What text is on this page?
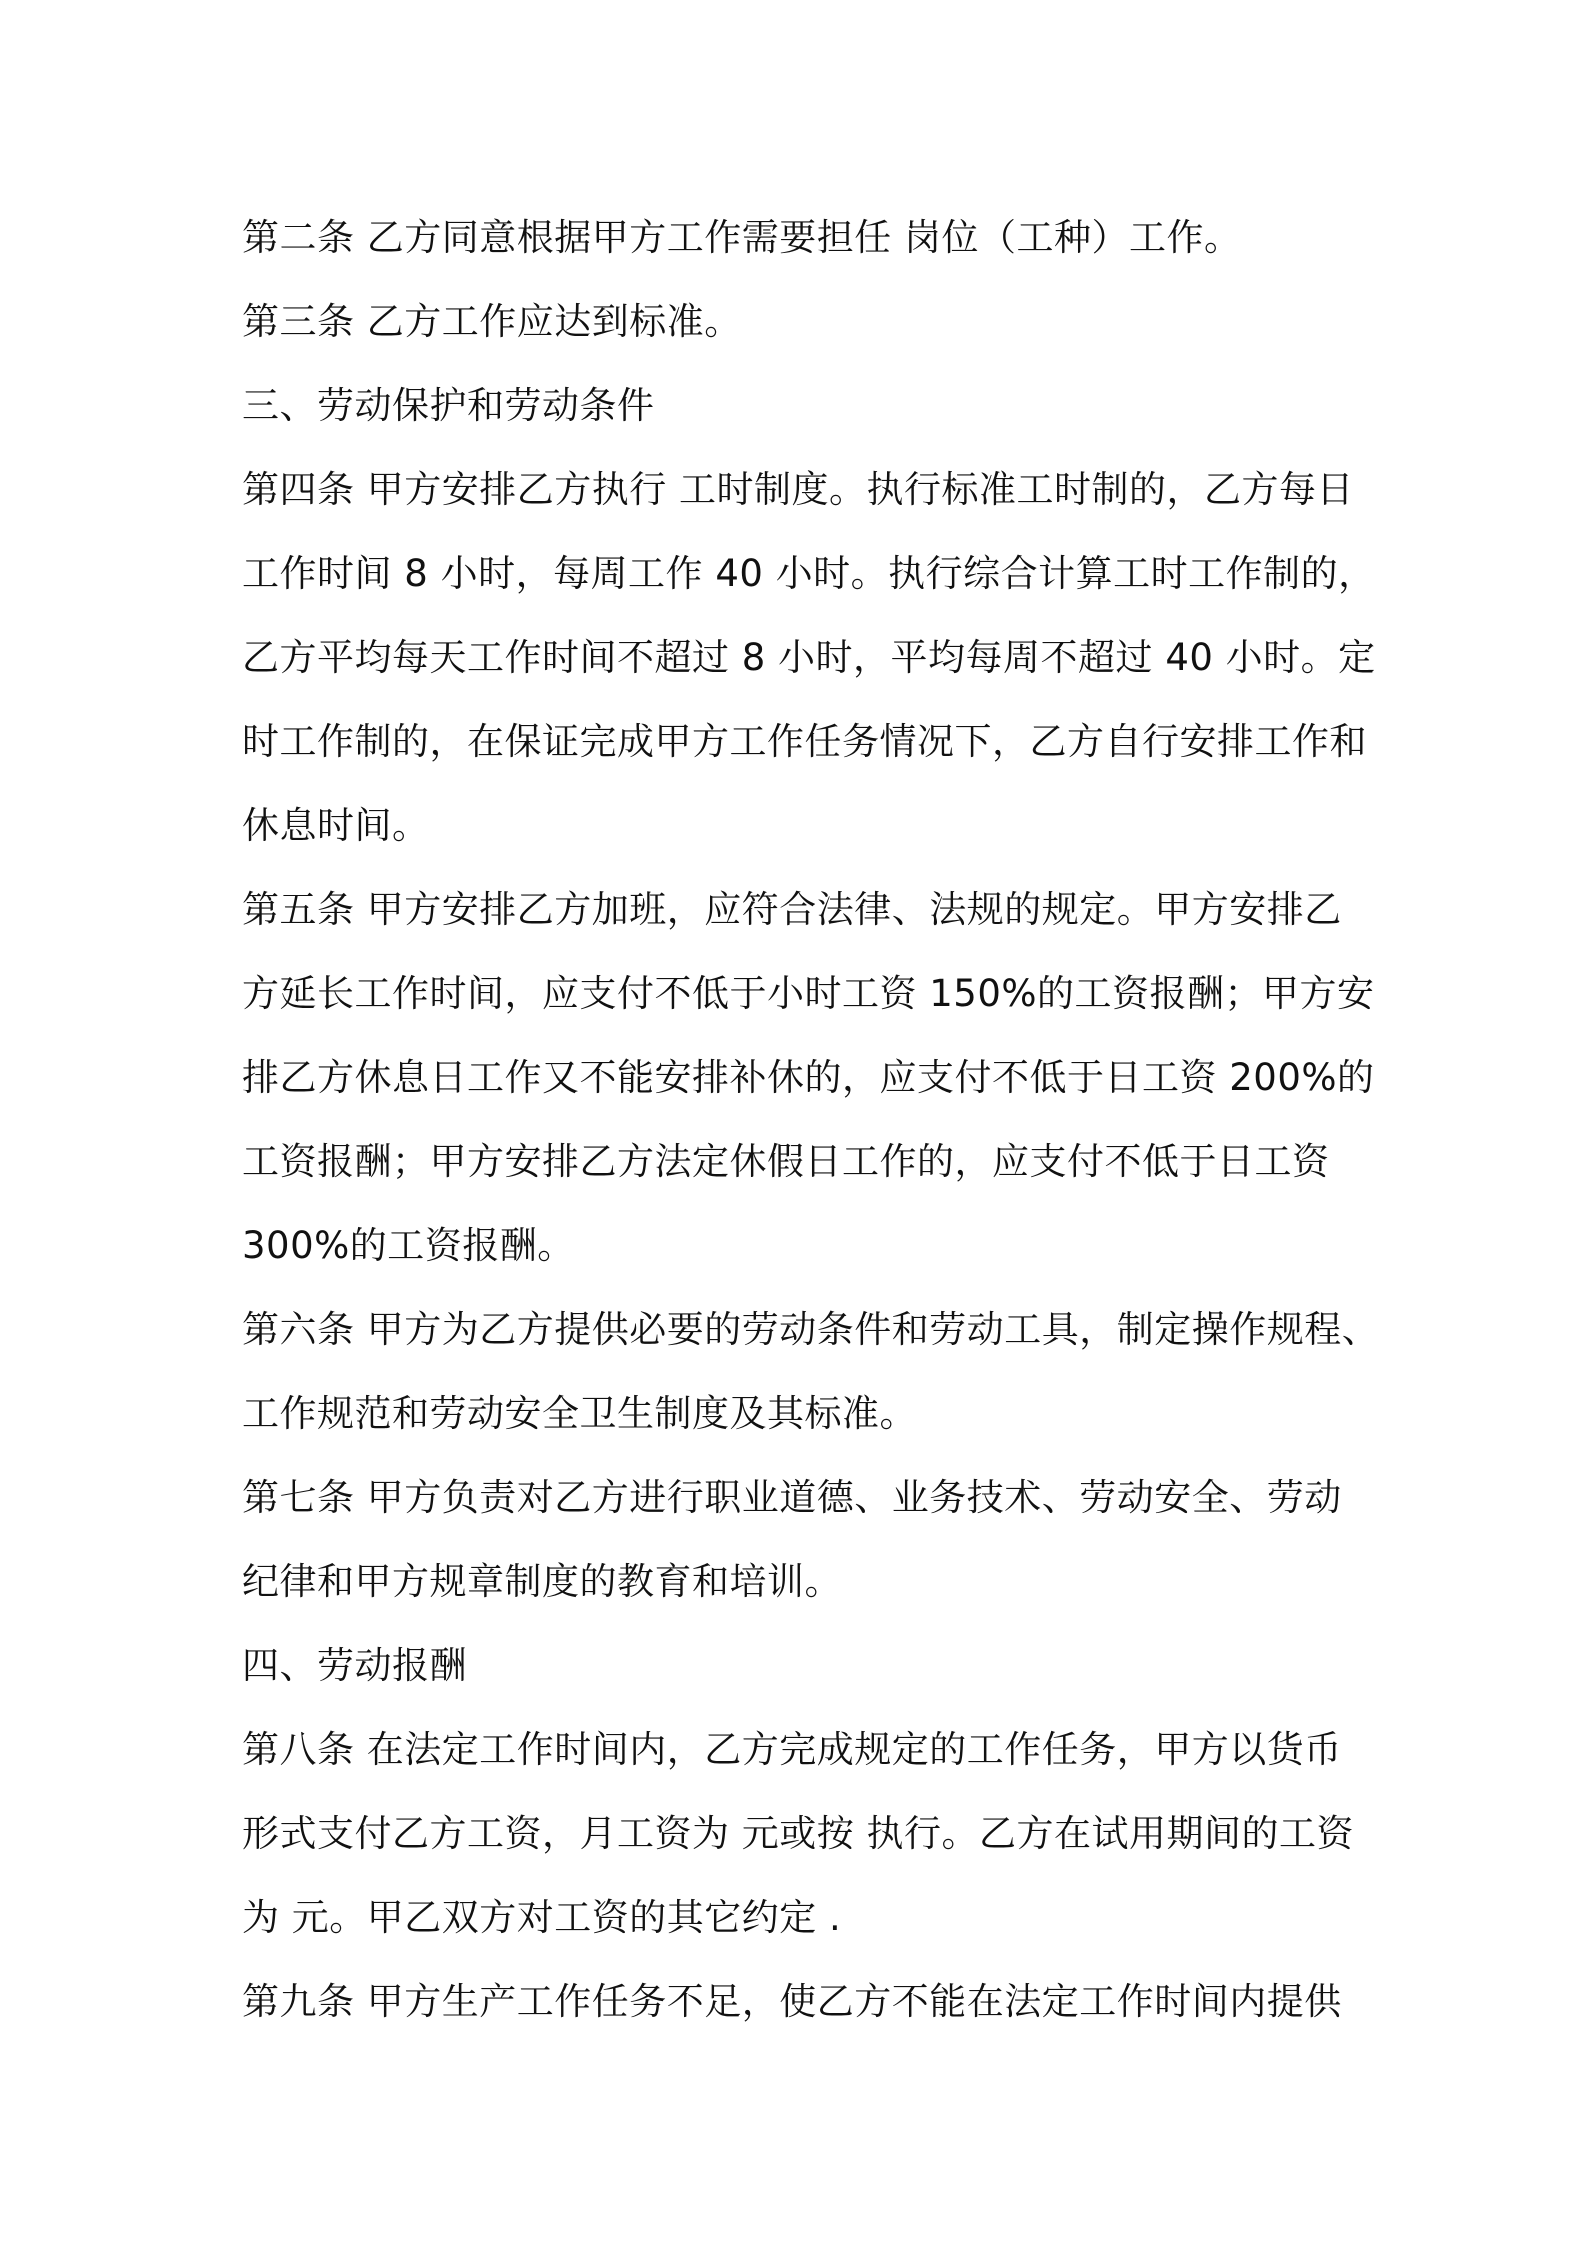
第二条 乙方同意根据甲方工作需要担任 岗位（工种）工作。
第三条 乙方工作应达到标准。
三、劳动保护和劳动条件
第四条 甲方安排乙方执行 工时制度。执行标准工时制的，乙方每日
工作时间 8 小时，每周工作 40 小时。执行综合计算工时工作制的，
乙方平均每天工作时间不超过 8 小时，平均每周不超过 40 小时。定
时工作制的，在保证完成甲方工作任务情况下，乙方自行安排工作和
休息时间。
第五条 甲方安排乙方加班，应符合法律、法规的规定。甲方安排乙
方延长工作时间，应支付不低于小时工资 150%的工资报酬；甲方安
排乙方休息日工作又不能安排补休的，应支付不低于日工资 200%的
工资报酬；甲方安排乙方法定休假日工作的，应支付不低于日工资
300%的工资报酬。
第六条 甲方为乙方提供必要的劳动条件和劳动工具，制定操作规程、
工作规范和劳动安全卫生制度及其标准。
第七条 甲方负责对乙方进行职业道德、业务技术、劳动安全、劳动
纪律和甲方规章制度的教育和培训。
四、劳动报酬
第八条 在法定工作时间内，乙方完成规定的工作任务，甲方以货币
形式支付乙方工资，月工资为 元或按 执行。乙方在试用期间的工资
为 元。甲乙双方对工资的其它约定 .
第九条 甲方生产工作任务不足，使乙方不能在法定工作时间内提供
